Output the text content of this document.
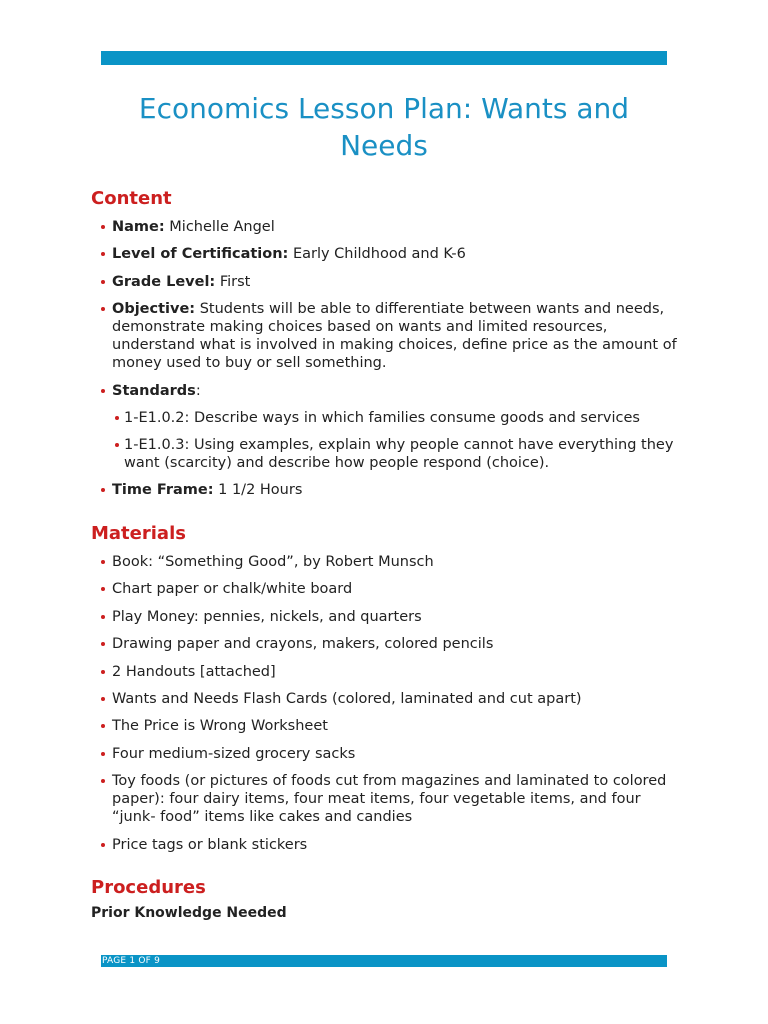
Economics Lesson Plan: Wants and Needs
Content
Name: Michelle Angel
Level of Certification: Early Childhood and K-6
Grade Level: First
Objective: Students will be able to differentiate between wants and needs, demonstrate making choices based on wants and limited resources, understand what is involved in making choices, define price as the amount of money used to buy or sell something.
Standards:
1-E1.0.2: Describe ways in which families consume goods and services
1-E1.0.3: Using examples, explain why people cannot have everything they want (scarcity) and describe how people respond (choice).
Time Frame: 1 1/2 Hours
Materials
Book: “Something Good”, by Robert Munsch
Chart paper or chalk/white board
Play Money: pennies, nickels, and quarters
Drawing paper and crayons, makers, colored pencils
2 Handouts [attached]
Wants and Needs Flash Cards (colored, laminated and cut apart)
The Price is Wrong Worksheet
Four medium-sized grocery sacks
Toy foods (or pictures of foods cut from magazines and laminated to colored paper): four dairy items, four meat items, four vegetable items, and four “junk- food” items like cakes and candies
Price tags or blank stickers
Procedures
Prior Knowledge Needed
PAGE 1 OF 9
